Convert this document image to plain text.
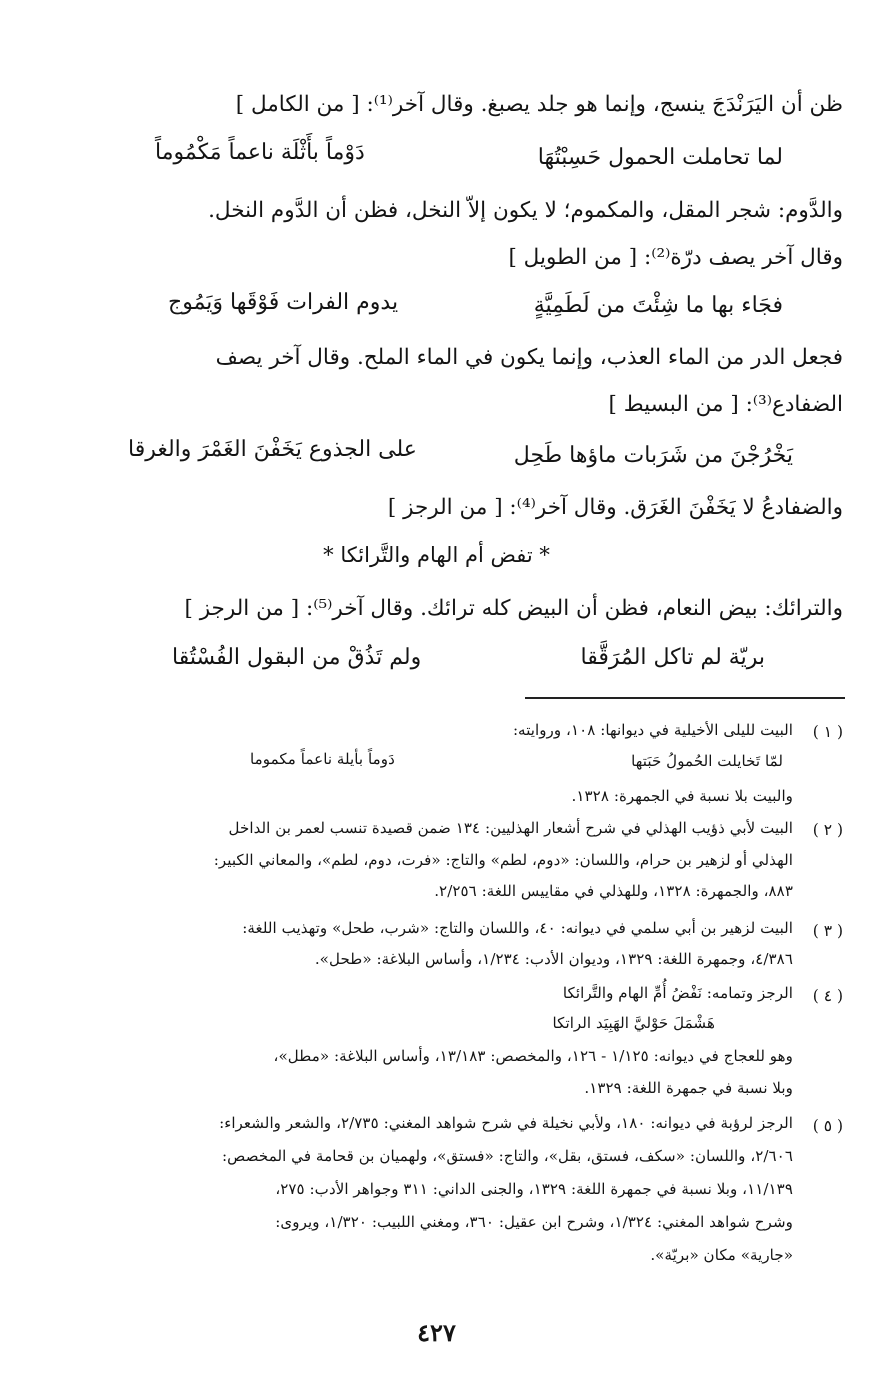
ظن أن اليَرَنْدَجَ ينسج، وإنما هو جلد يصبغ. وقال آخر⁽¹⁾: [ من الكامل ]
لما تحاملت الحمول حَسِبْتُهَا
دَوْماً بأَثْلَة ناعماً مَكْمُوماً
والدَّوم: شجر المقل، والمكموم؛ لا يكون إلاّ النخل، فظن أن الدَّوم النخل.
وقال آخر يصف درّة⁽²⁾: [ من الطويل ]
فجَاء بها ما شِئْتَ من لَطَمِيَّةٍ
يدوم الفرات فَوْقَها وَيَمُوج
فجعل الدر من الماء العذب، وإنما يكون في الماء الملح. وقال آخر يصف
الضفادع⁽³⁾: [ من البسيط ]
يَخْرُجْنَ من شَرَبات ماؤها طَحِل
على الجذوع يَخَفْنَ الغَمْرَ والغرقا
والضفادعُ لا يَخَفْنَ الغَرَق. وقال آخر⁽⁴⁾: [ من الرجز ]
* تفض أم الهام والتَّرائكا *
والترائك: بيض النعام، فظن أن البيض كله ترائك. وقال آخر⁽⁵⁾: [ من الرجز ]
بريّة لم تاكل المُرَقَّقا
ولم تَذُقْ من البقول الفُسْتُقا
( ١ )
البيت لليلى الأخيلية في ديوانها: ١٠٨، وروايته:
لمّا تَخايلت الحُمولُ حَبَتها
دَوماً بأيلة ناعماً مكموما
والبيت بلا نسبة في الجمهرة: ١٣٢٨.
( ٢ )
البيت لأبي ذؤيب الهذلي في شرح أشعار الهذليين: ١٣٤ ضمن قصيدة تنسب لعمر بن الداخل
الهذلي أو لزهير بن حرام، واللسان: «دوم، لطم» والتاج: «فرت، دوم، لطم»، والمعاني الكبير:
٨٨٣، والجمهرة: ١٣٢٨، وللهذلي في مقاييس اللغة: ٢/٢٥٦.
( ٣ )
البيت لزهير بن أبي سلمي في ديوانه: ٤٠، واللسان والتاج: «شرب، طحل» وتهذيب اللغة:
٤/٣٨٦، وجمهرة اللغة: ١٣٢٩، وديوان الأدب: ١/٢٣٤، وأساس البلاغة: «طحل».
( ٤ )
الرجز وتمامه: نَفْضُ أُمِّ الهام والتَّرائكا
هَشْمَلَ حَوْليَّ الهَبِيَد الراتكا
وهو للعجاج في ديوانه: ١/١٢٥ - ١٢٦، والمخصص: ١٣/١٨٣، وأساس البلاغة: «مطل»،
وبلا نسبة في جمهرة اللغة: ١٣٢٩.
( ٥ )
الرجز لرؤبة في ديوانه: ١٨٠، ولأبي نخيلة في شرح شواهد المغني: ٢/٧٣٥، والشعر والشعراء:
٢/٦٠٦، واللسان: «سكف، فستق، بقل»، والتاج: «فستق»، ولهميان بن قحامة في المخصص:
١١/١٣٩، وبلا نسبة في جمهرة اللغة: ١٣٢٩، والجنى الداني: ٣١١ وجواهر الأدب: ٢٧٥،
وشرح شواهد المغني: ١/٣٢٤، وشرح ابن عقيل: ٣٦٠، ومغني اللبيب: ١/٣٢٠، ويروى:
«جارية» مكان «بريّة».
٤٢٧
